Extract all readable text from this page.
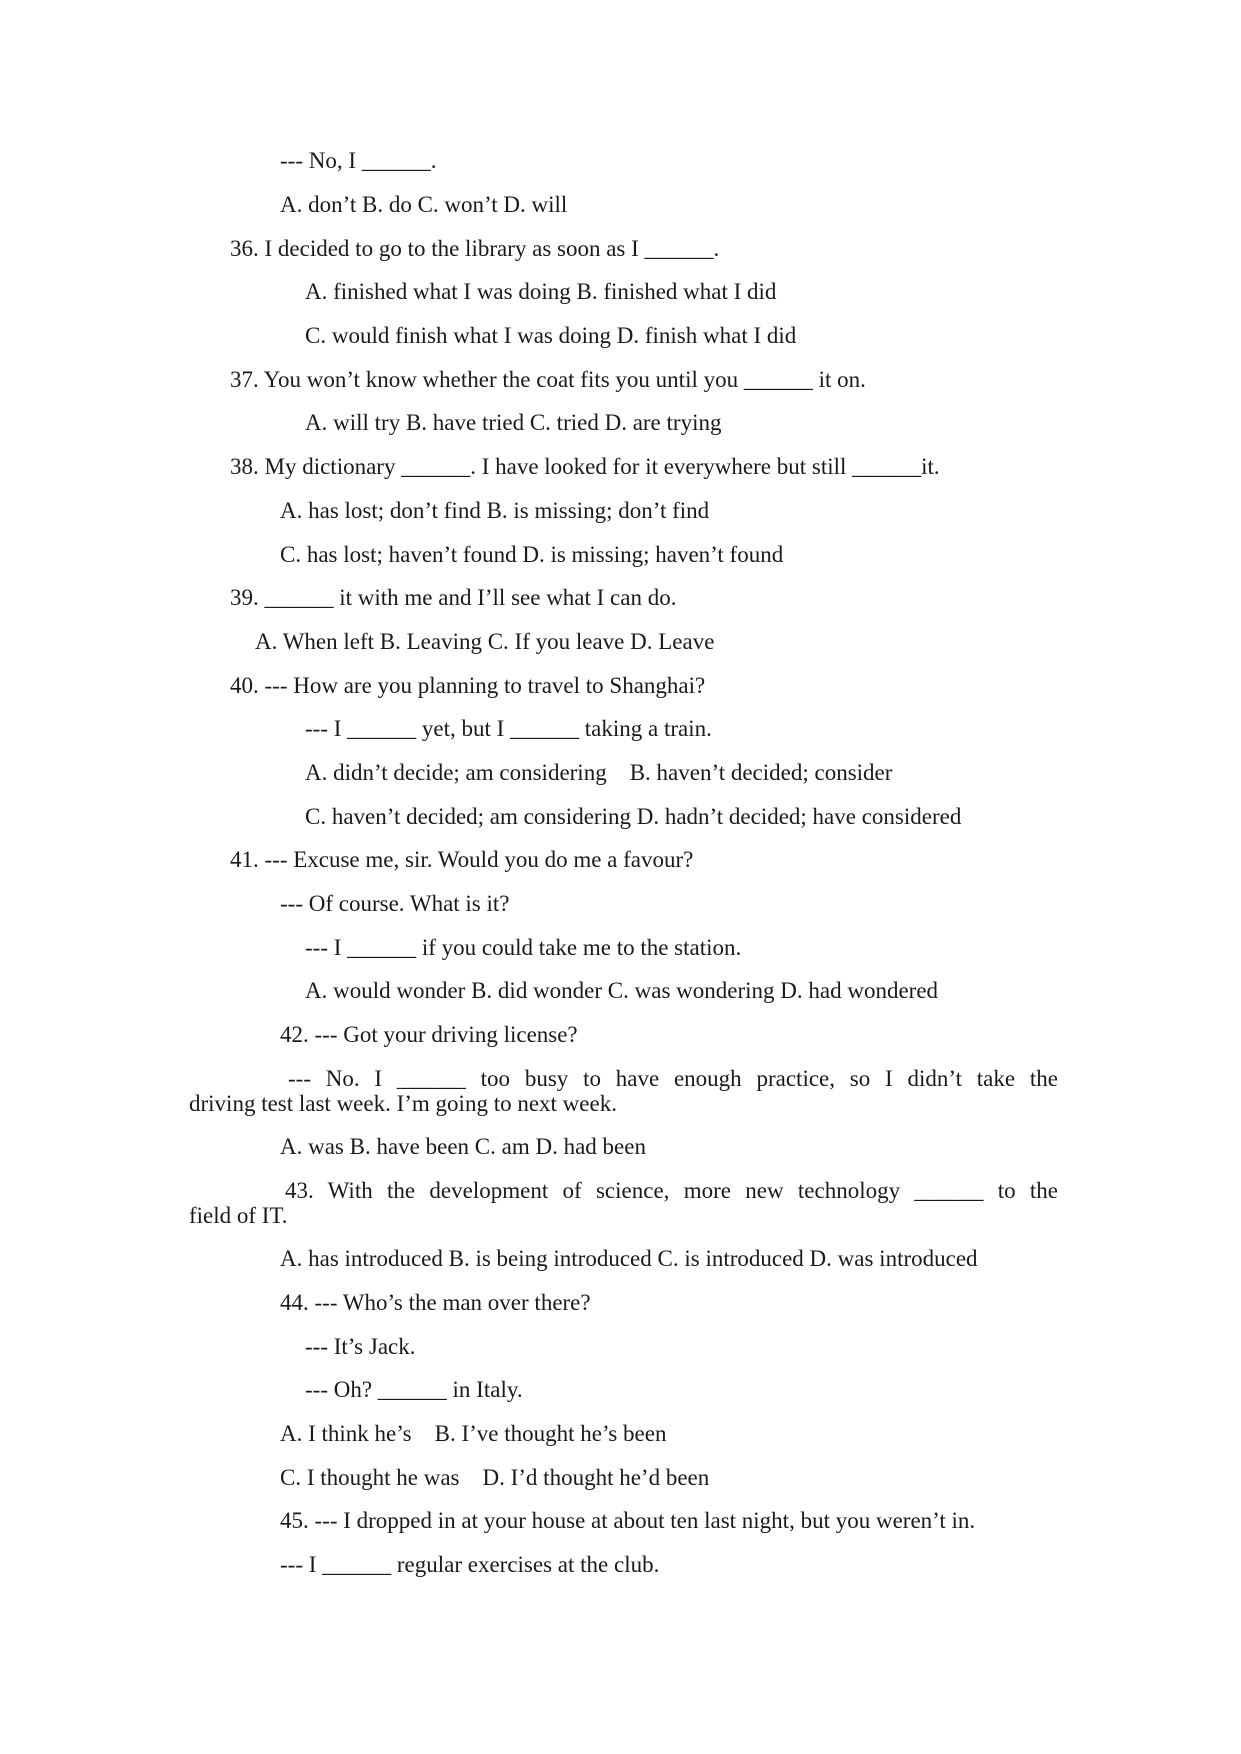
--- No, I ______.
A. don’t B. do C. won’t D. will
36. I decided to go to the library as soon as I ______.
A. finished what I was doing B. finished what I did
C. would finish what I was doing D. finish what I did
37. You won’t know whether the coat fits you until you ______ it on.
A. will try B. have tried C. tried D. are trying
38. My dictionary ______. I have looked for it everywhere but still ______it.
A. has lost; don’t find B. is missing; don’t find
C. has lost; haven’t found D. is missing; haven’t found
39. ______ it with me and I’ll see what I can do.
A. When left B. Leaving C. If you leave D. Leave
40. --- How are you planning to travel to Shanghai?
--- I ______ yet, but I ______ taking a train.
A. didn’t decide; am considering    B. haven’t decided; consider
C. haven’t decided; am considering D. hadn’t decided; have considered
41. --- Excuse me, sir. Would you do me a favour?
--- Of course. What is it?
--- I ______ if you could take me to the station.
A. would wonder B. did wonder C. was wondering D. had wondered
42. --- Got your driving license?
--- No. I ______ too busy to have enough practice, so I didn’t take the
driving test last week. I’m going to next week.
A. was B. have been C. am D. had been
43. With the development of science, more new technology ______ to the
field of IT.
A. has introduced B. is being introduced C. is introduced D. was introduced
44. --- Who’s the man over there?
--- It’s Jack.
--- Oh? ______ in Italy.
A. I think he’s    B. I’ve thought he’s been
C. I thought he was    D. I’d thought he’d been
45. --- I dropped in at your house at about ten last night, but you weren’t in.
--- I ______ regular exercises at the club.
